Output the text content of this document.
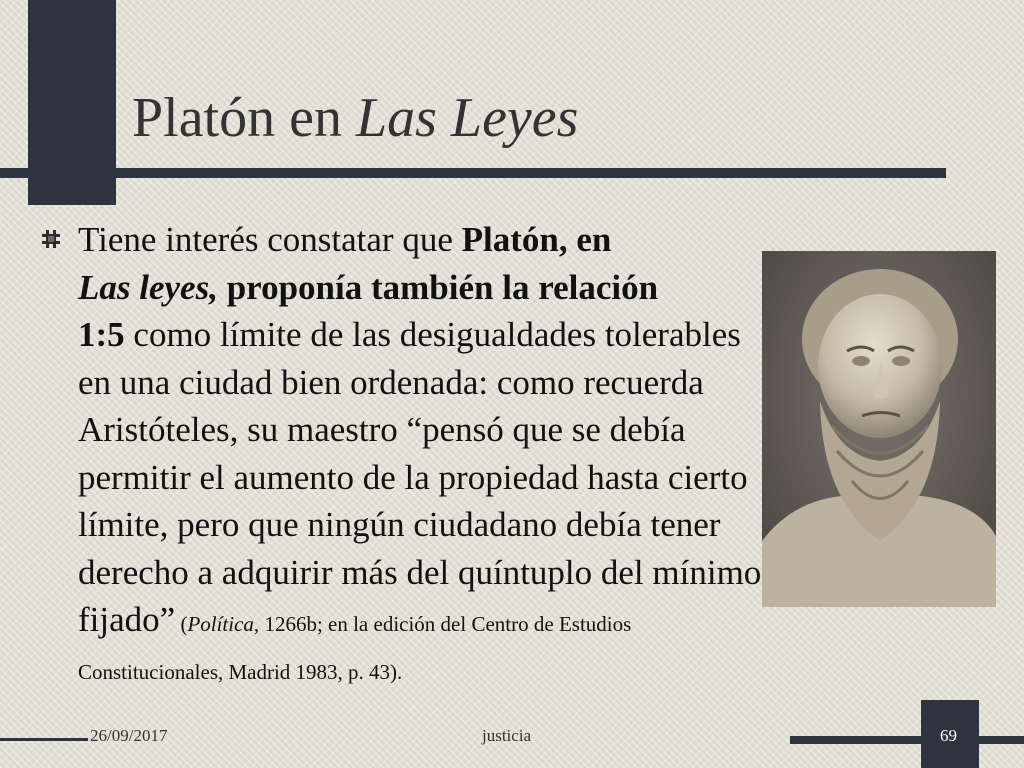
Platón en Las Leyes

Tiene interés constatar que Platón, en
Las leyes, proponía también la relación
1:5 como límite de las desigualdades tolerables en una ciudad bien ordenada: como recuerda Aristóteles, su maestro “pensó que se debía permitir el aumento de la propiedad hasta cierto límite, pero que ningún ciudadano debía tener derecho a adquirir más del quíntuplo del mínimo fijado” (Política, 1266b; en la edición del Centro de Estudios Constitucionales, Madrid 1983, p. 43).

26/09/2017	justicia	69
